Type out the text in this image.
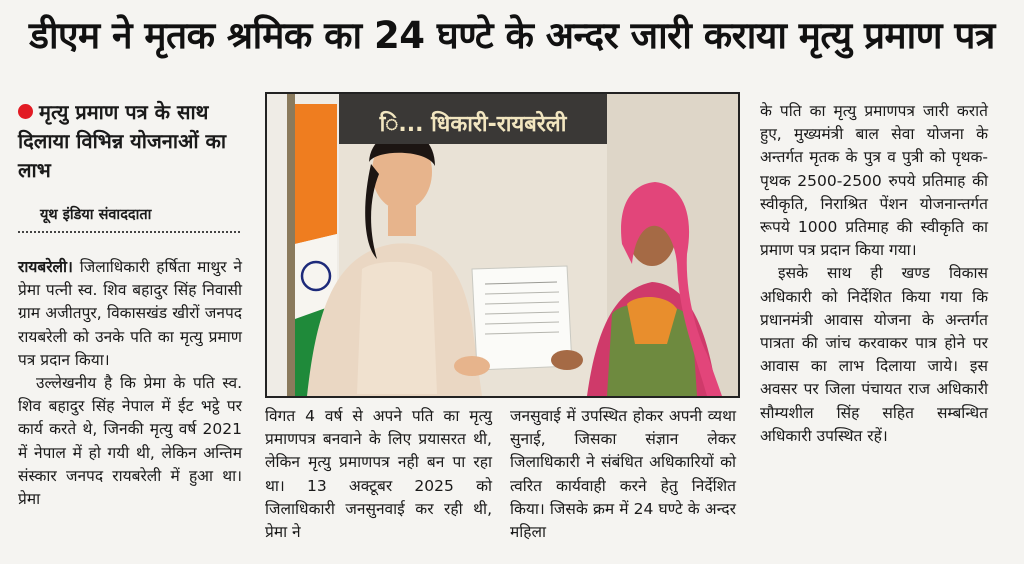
डीएम ने मृतक श्रमिक का 24 घण्टे के अन्दर जारी कराया मृत्यु प्रमाण पत्र
मृत्यु प्रमाण पत्र के साथ दिलाया विभिन्न योजनाओं का लाभ
यूथ इंडिया संवाददाता

रायबरेली। जिलाधिकारी हर्षिता माथुर ने प्रेमा पत्नी स्व. शिव बहादुर सिंह निवासी ग्राम अजीतपुर, विकासखंड खीरों जनपद रायबरेली को उनके पति का मृत्यु प्रमाण पत्र प्रदान किया।

उल्लेखनीय है कि प्रेमा के पति स्व. शिव बहादुर सिंह नेपाल में ईट भट्ठे पर कार्य करते थे, जिनकी मृत्यु वर्ष 2021 में नेपाल में हो गयी थी, लेकिन अन्तिम संस्कार जनपद रायबरेली में हुआ था। प्रेमा

ि... धिकारी-रायबरेली

विगत 4 वर्ष से अपने पति का मृत्यु प्रमाणपत्र बनवाने के लिए प्रयासरत थी, लेकिन मृत्यु प्रमाणपत्र नही बन पा रहा था। 13 अक्टूबर 2025 को जिलाधिकारी जनसुनवाई कर रही थी, प्रेमा ने

जनसुवाई में उपस्थित होकर अपनी व्यथा सुनाई, जिसका संज्ञान लेकर जिलाधिकारी ने संबंधित अधिकारियों को त्वरित कार्यवाही करने हेतु निर्देशित किया। जिसके क्रम में 24 घण्टे के अन्दर महिला

के पति का मृत्यु प्रमाणपत्र जारी कराते हुए, मुख्यमंत्री बाल सेवा योजना के अन्तर्गत मृतक के पुत्र व पुत्री को पृथक-पृथक 2500-2500 रुपये प्रतिमाह की स्वीकृति, निराश्रित पेंशन योजनान्तर्गत रूपये 1000 प्रतिमाह की स्वीकृति का प्रमाण पत्र प्रदान किया गया।

इसके साथ ही खण्ड विकास अधिकारी को निर्देशित किया गया कि प्रधानमंत्री आवास योजना के अन्तर्गत पात्रता की जांच करवाकर पात्र होने पर आवास का लाभ दिलाया जाये। इस अवसर पर जिला पंचायत राज अधिकारी सौम्यशील सिंह सहित सम्बन्धित अधिकारी उपस्थित रहें।
